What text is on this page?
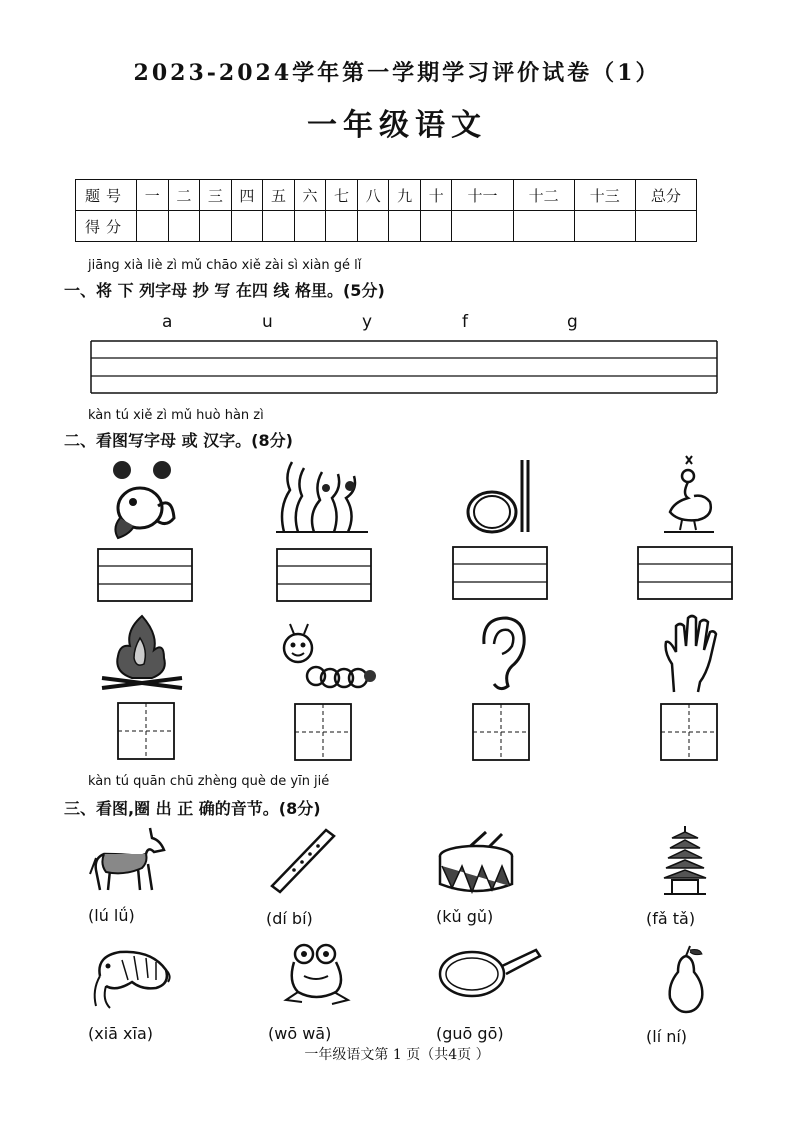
2023-2024学年第一学期学习评价试卷（1）
一年级语文
题号	一	二	三	四	五	六	七	八	九	十	十一	十二	十三	总分
得分														
jiāng xià liè zì mǔ chāo xiě zài sì xiàn gé lǐ
一、将 下 列字母 抄 写 在四 线 格里。(5分)
a	u	y	f	g
kàn tú xiě zì mǔ huò hàn zì
二、看图写字母 或 汉字。(8分)
kàn tú quān chū zhèng què de yīn jié
三、看图,圈 出 正 确的音节。(8分)
(lú lǘ)	(dí bí)	(kǔ gǔ)	(fǎ tǎ)
(xiā xīa)	(wō wā)	(guō gō)	(lí ní)
一年级语文第 1 页（共4页 ）
